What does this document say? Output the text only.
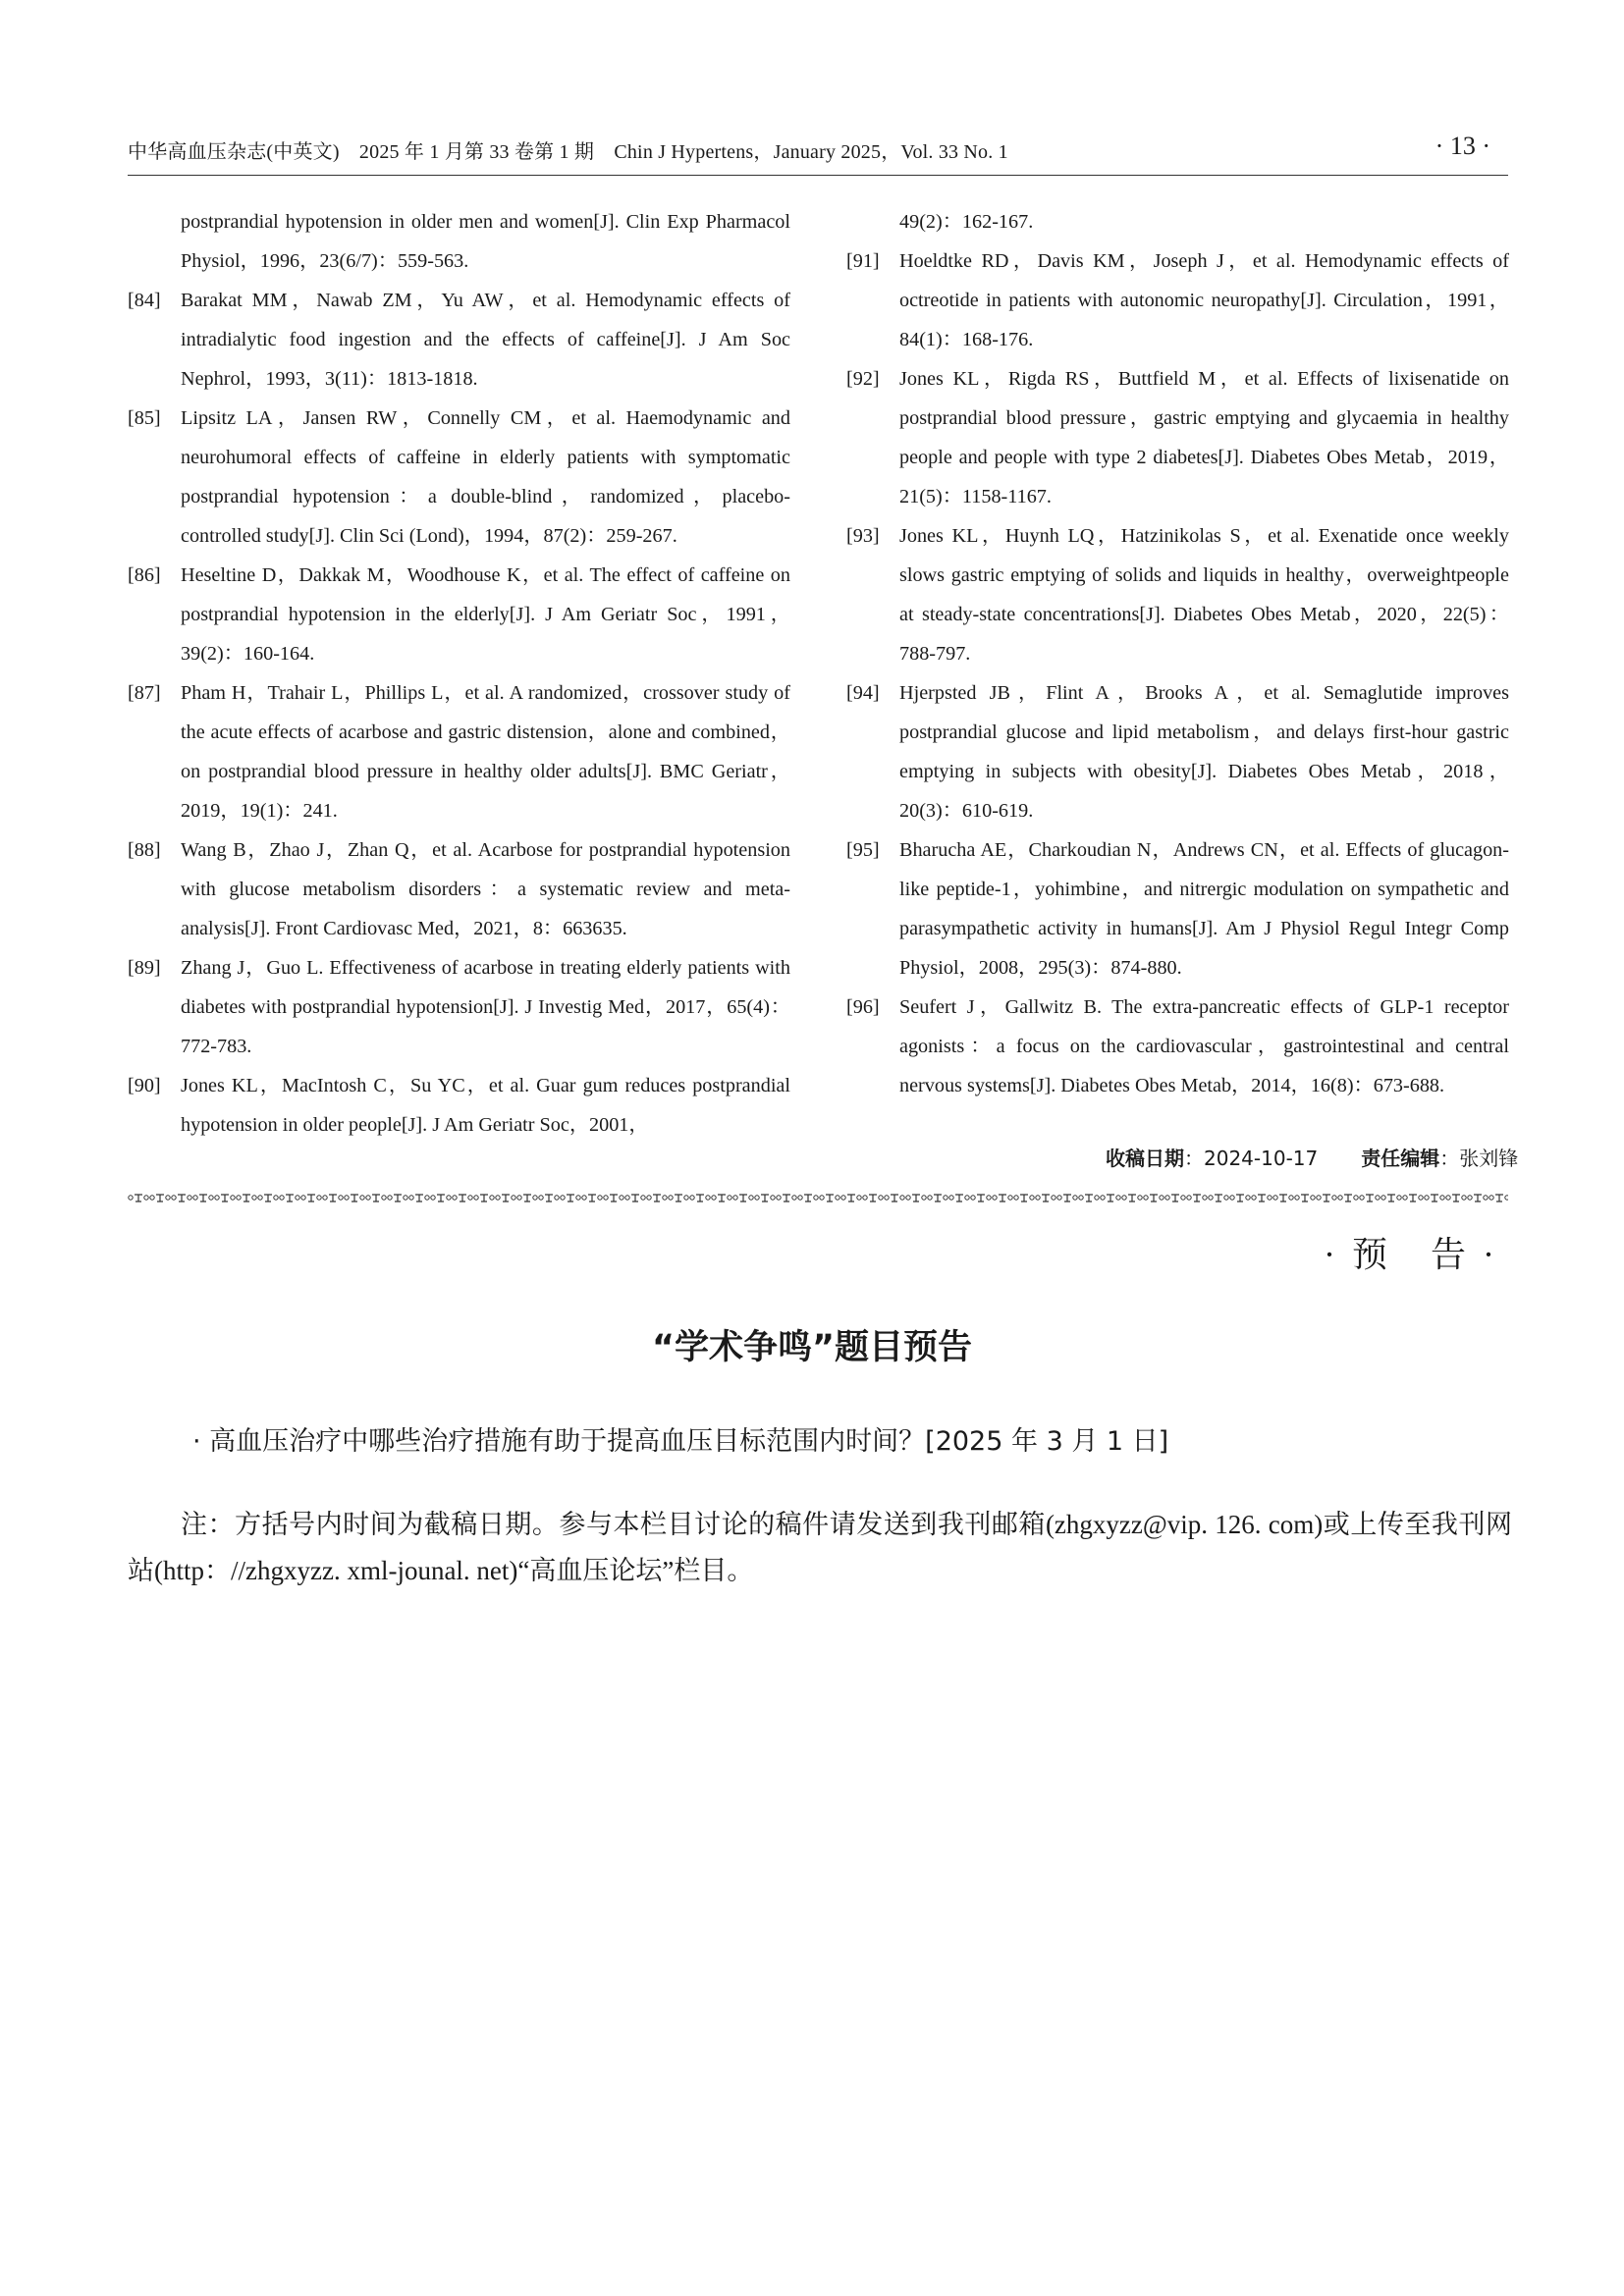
中华高血压杂志(中英文)　2025 年 1 月第 33 卷第 1 期　Chin J Hypertens，January 2025，Vol. 33 No. 1	· 13 ·
postprandial hypotension in older men and women[J]. Clin Exp Pharmacol Physiol，1996，23(6/7)：559-563.
[84] Barakat MM，Nawab ZM，Yu AW，et al. Hemodynamic effects of intradialytic food ingestion and the effects of caffeine[J]. J Am Soc Nephrol，1993，3(11)：1813-1818.
[85] Lipsitz LA，Jansen RW，Connelly CM，et al. Haemodynamic and neurohumoral effects of caffeine in elderly patients with symptomatic postprandial hypotension：a double-blind，randomized，placebo-controlled study[J]. Clin Sci (Lond)，1994，87(2)：259-267.
[86] Heseltine D，Dakkak M，Woodhouse K，et al. The effect of caffeine on postprandial hypotension in the elderly[J]. J Am Geriatr Soc，1991，39(2)：160-164.
[87] Pham H，Trahair L，Phillips L，et al. A randomized，crossover study of the acute effects of acarbose and gastric distension，alone and combined，on postprandial blood pressure in healthy older adults[J]. BMC Geriatr，2019，19(1)：241.
[88] Wang B，Zhao J，Zhan Q，et al. Acarbose for postprandial hypotension with glucose metabolism disorders：a systematic review and meta-analysis[J]. Front Cardiovasc Med，2021，8：663635.
[89] Zhang J，Guo L. Effectiveness of acarbose in treating elderly patients with diabetes with postprandial hypotension[J]. J Investig Med，2017，65(4)：772-783.
[90] Jones KL，MacIntosh C，Su YC，et al. Guar gum reduces postprandial hypotension in older people[J]. J Am Geriatr Soc，2001，
49(2)：162-167.
[91] Hoeldtke RD，Davis KM，Joseph J，et al. Hemodynamic effects of octreotide in patients with autonomic neuropathy[J]. Circulation，1991，84(1)：168-176.
[92] Jones KL，Rigda RS，Buttfield M，et al. Effects of lixisenatide on postprandial blood pressure，gastric emptying and glycaemia in healthy people and people with type 2 diabetes[J]. Diabetes Obes Metab，2019，21(5)：1158-1167.
[93] Jones KL，Huynh LQ，Hatzinikolas S，et al. Exenatide once weekly slows gastric emptying of solids and liquids in healthy，overweightpeople at steady-state concentrations[J]. Diabetes Obes Metab，2020，22(5)：788-797.
[94] Hjerpsted JB，Flint A，Brooks A，et al. Semaglutide improves postprandial glucose and lipid metabolism，and delays first-hour gastric emptying in subjects with obesity[J]. Diabetes Obes Metab，2018，20(3)：610-619.
[95] Bharucha AE，Charkoudian N，Andrews CN，et al. Effects of glucagon-like peptide-1，yohimbine，and nitrergic modulation on sympathetic and parasympathetic activity in humans[J]. Am J Physiol Regul Integr Comp Physiol，2008，295(3)：874-880.
[96] Seufert J，Gallwitz B. The extra-pancreatic effects of GLP-1 receptor agonists：a focus on the cardiovascular，gastrointestinal and central nervous systems[J]. Diabetes Obes Metab，2014，16(8)：673-688.
收稿日期：2024-10-17 责任编辑：张刘锋
· 预　告 ·
“学术争鸣”题目预告
· 高血压治疗中哪些治疗措施有助于提高血压目标范围内时间？[2025 年 3 月 1 日]
注：方括号内时间为截稿日期。参与本栏目讨论的稿件请发送到我刊邮箱(zhgxyzz@vip. 126. com)或上传至我刊网站(http：//zhgxyzz. xml-jounal. net)“高血压论坛”栏目。
